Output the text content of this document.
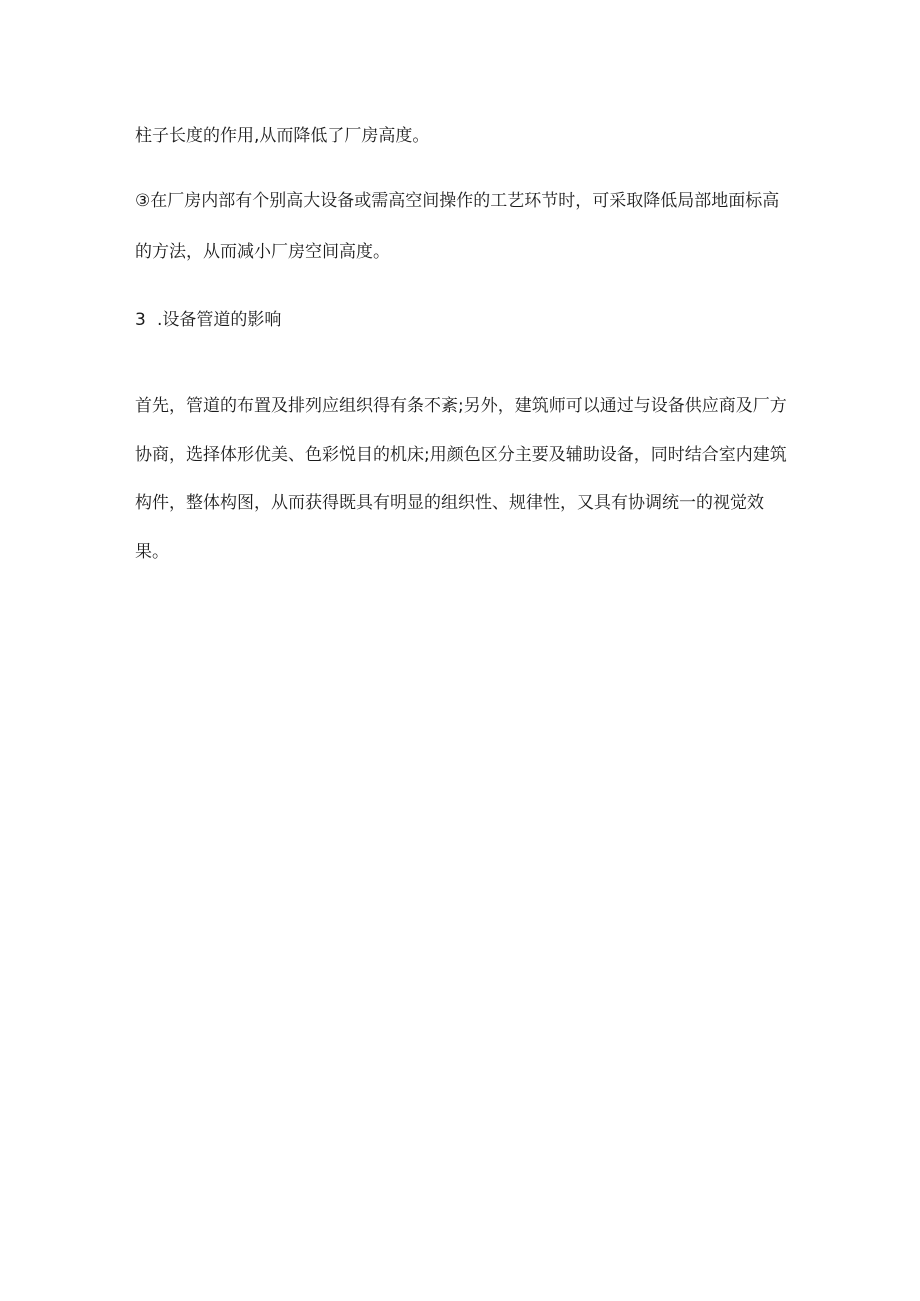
柱子长度的作用,从而降低了厂房高度。
③在厂房内部有个别高大设备或需高空间操作的工艺环节时，可采取降低局部地面标高
的方法，从而减小厂房空间高度。
3 .设备管道的影响
首先，管道的布置及排列应组织得有条不紊;另外，建筑师可以通过与设备供应商及厂方
协商，选择体形优美、色彩悦目的机床;用颜色区分主要及辅助设备，同时结合室内建筑
构件，整体构图，从而获得既具有明显的组织性、规律性，又具有协调统一的视觉效
果。
